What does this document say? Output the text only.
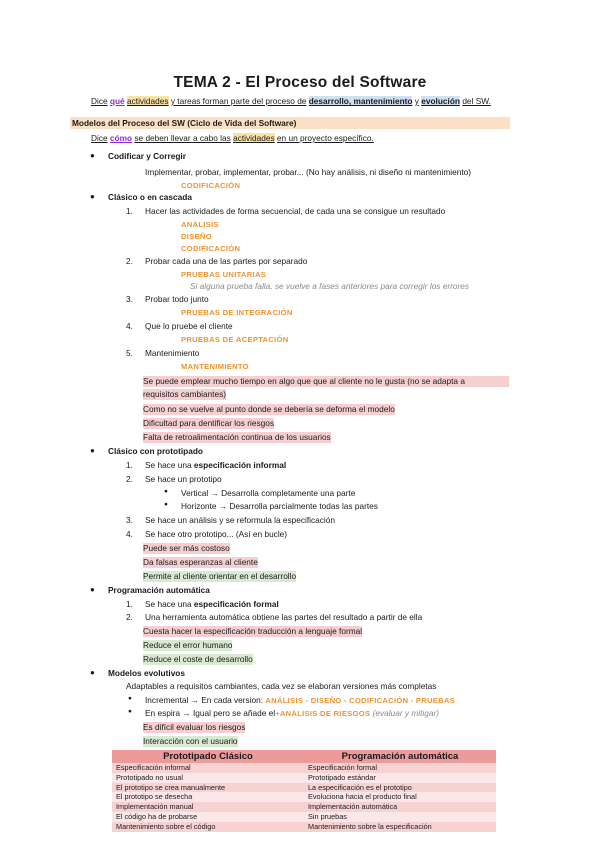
TEMA 2 - El Proceso del Software
Dice qué actividades y tareas forman parte del proceso de desarrollo, mantenimiento y evolución del SW.
Modelos del Proceso del SW (Ciclo de Vida del Software)
Dice cómo se deben llevar a cabo las actividades en un proyecto específico.
● Codificar y Corregir
Implementar, probar, implementar, probar... (No hay análisis, ni diseño ni mantenimiento)
CODIFICACIÓN
● Clásico o en cascada
1. Hacer las actividades de forma secuencial, de cada una se consigue un resultado
ANÁLISIS
DISEÑO
CODIFICACIÓN
2. Probar cada una de las partes por separado
PRUEBAS UNITARIAS
Si alguna prueba falla, se vuelve a fases anteriores para corregir los errores
3. Probar todo junto
PRUEBAS DE INTEGRACIÓN
4. Que lo pruebe el cliente
PRUEBAS DE ACEPTACIÓN
5. Mantenimiento
MANTENIMIENTO
Se puede emplear mucho tiempo en algo que que al cliente no le gusta (no se adapta a
requisitos cambiantes)
Como no se vuelve al punto donde se debería se deforma el modelo
Dificultad para dentificar los riesgos
Falta de retroalimentación continua de los usuarios
● Clásico con prototipado
1. Se hace una especificación informal
2. Se hace un prototipo
● Vertical → Desarrolla completamente una parte
● Horizonte → Desarrolla parcialmente todas las partes
3. Se hace un análisis y se reformula la especificación
4. Se hace otro prototipo... (Así en bucle)
Puede ser más costoso
Da falsas esperanzas al cliente
Permite al cliente orientar en el desarrollo
● Programación automática
1. Se hace una especificación formal
2. Una herramienta automática obtiene las partes del resultado a partir de ella
Cuesta hacer la especificación traducción a lenguaje formal
Reduce el error humano
Reduce el coste de desarrollo
● Modelos evolutivos
Adaptables a requisitos cambiantes, cada vez se elaboran versiones más completas
● Incremental → En cada version: ANÁLISIS - DISEÑO - CODIFICACIÓN - PRUEBAS
● En espira → Igual pero se añade el+ANÁLISIS DE RIESGOS (evaluar y mitigar)
Es difícil evaluar los riesgos
Interacción con el usuario
Prototipado Clásico	Programación automática
Especificación informal	Especificación formal
Prototipado no usual	Prototipado estándar
El prototipo se crea manualmente	La especificación es el prototipo
El prototipo se desecha	Evoluciona hacia el producto final
Implementación manual	Implementación automática
El código ha de probarse	Sin pruebas
Mantenimiento sobre el código	Mantenimiento sobre la especificación
